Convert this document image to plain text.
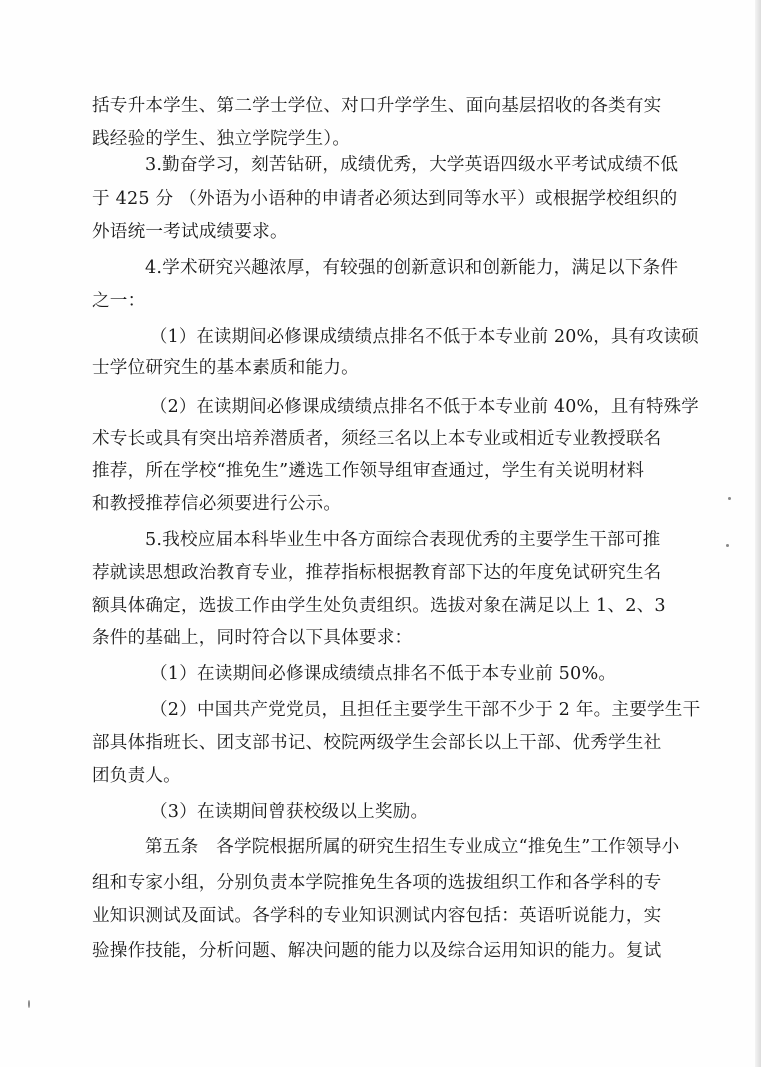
括专升本学生、第二学士学位、对口升学学生、面向基层招收的各类有实
践经验的学生、独立学院学生）。
3.勤奋学习，刻苦钻研，成绩优秀，大学英语四级水平考试成绩不低
于 425 分 （外语为小语种的申请者必须达到同等水平）或根据学校组织的
外语统一考试成绩要求。
4.学术研究兴趣浓厚，有较强的创新意识和创新能力，满足以下条件
之一：
（1）在读期间必修课成绩绩点排名不低于本专业前 20%，具有攻读硕
士学位研究生的基本素质和能力。
（2）在读期间必修课成绩绩点排名不低于本专业前 40%，且有特殊学
术专长或具有突出培养潜质者，须经三名以上本专业或相近专业教授联名
推荐，所在学校“推免生”遴选工作领导组审查通过，学生有关说明材料
和教授推荐信必须要进行公示。
5.我校应届本科毕业生中各方面综合表现优秀的主要学生干部可推
荐就读思想政治教育专业，推荐指标根据教育部下达的年度免试研究生名
额具体确定，选拔工作由学生处负责组织。选拔对象在满足以上 1、2、3
条件的基础上，同时符合以下具体要求：
（1）在读期间必修课成绩绩点排名不低于本专业前 50%。
（2）中国共产党党员，且担任主要学生干部不少于 2 年。主要学生干
部具体指班长、团支部书记、校院两级学生会部长以上干部、优秀学生社
团负责人。
（3）在读期间曾获校级以上奖励。
第五条　各学院根据所属的研究生招生专业成立“推免生”工作领导小
组和专家小组，分别负责本学院推免生各项的选拔组织工作和各学科的专
业知识测试及面试。各学科的专业知识测试内容包括：英语听说能力，实
验操作技能，分析问题、解决问题的能力以及综合运用知识的能力。复试
